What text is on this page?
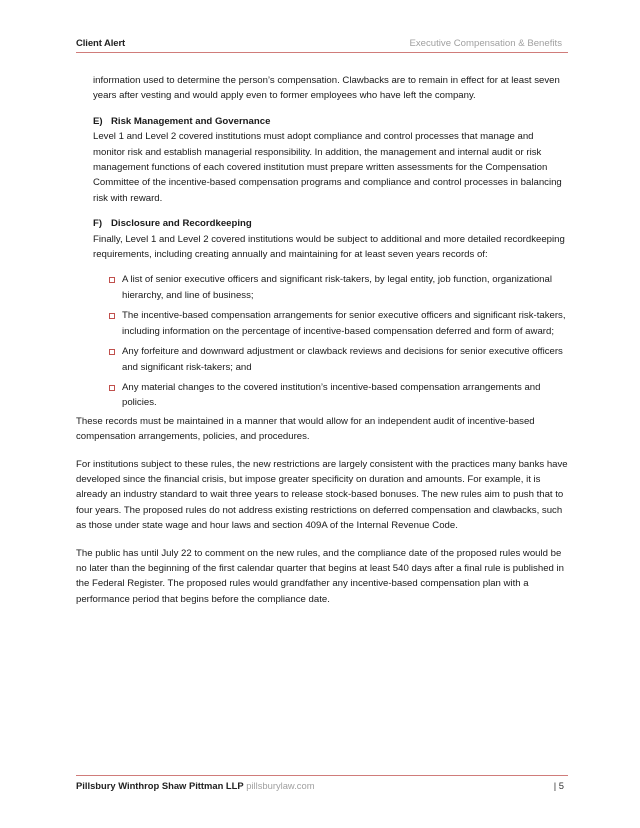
Client Alert	Executive Compensation & Benefits

information used to determine the person’s compensation. Clawbacks are to remain in effect for at least seven years after vesting and would apply even to former employees who have left the company.

E) Risk Management and Governance

Level 1 and Level 2 covered institutions must adopt compliance and control processes that manage and monitor risk and establish managerial responsibility. In addition, the management and internal audit or risk management functions of each covered institution must prepare written assessments for the Compensation Committee of the incentive-based compensation programs and compliance and control processes in balancing risk with reward.

F) Disclosure and Recordkeeping

Finally, Level 1 and Level 2 covered institutions would be subject to additional and more detailed recordkeeping requirements, including creating annually and maintaining for at least seven years records of:

A list of senior executive officers and significant risk-takers, by legal entity, job function, organizational hierarchy, and line of business;
The incentive-based compensation arrangements for senior executive officers and significant risk-takers, including information on the percentage of incentive-based compensation deferred and form of award;
Any forfeiture and downward adjustment or clawback reviews and decisions for senior executive officers and significant risk-takers; and
Any material changes to the covered institution’s incentive-based compensation arrangements and policies.

These records must be maintained in a manner that would allow for an independent audit of incentive-based compensation arrangements, policies, and procedures.

For institutions subject to these rules, the new restrictions are largely consistent with the practices many banks have developed since the financial crisis, but impose greater specificity on duration and amounts. For example, it is already an industry standard to wait three years to release stock-based bonuses. The new rules aim to push that to four years. The proposed rules do not address existing restrictions on deferred compensation and clawbacks, such as those under state wage and hour laws and section 409A of the Internal Revenue Code.

The public has until July 22 to comment on the new rules, and the compliance date of the proposed rules would be no later than the beginning of the first calendar quarter that begins at least 540 days after a final rule is published in the Federal Register. The proposed rules would grandfather any incentive-based compensation plan with a performance period that begins before the compliance date.

Pillsbury Winthrop Shaw Pittman LLP pillsburylaw.com	| 5
